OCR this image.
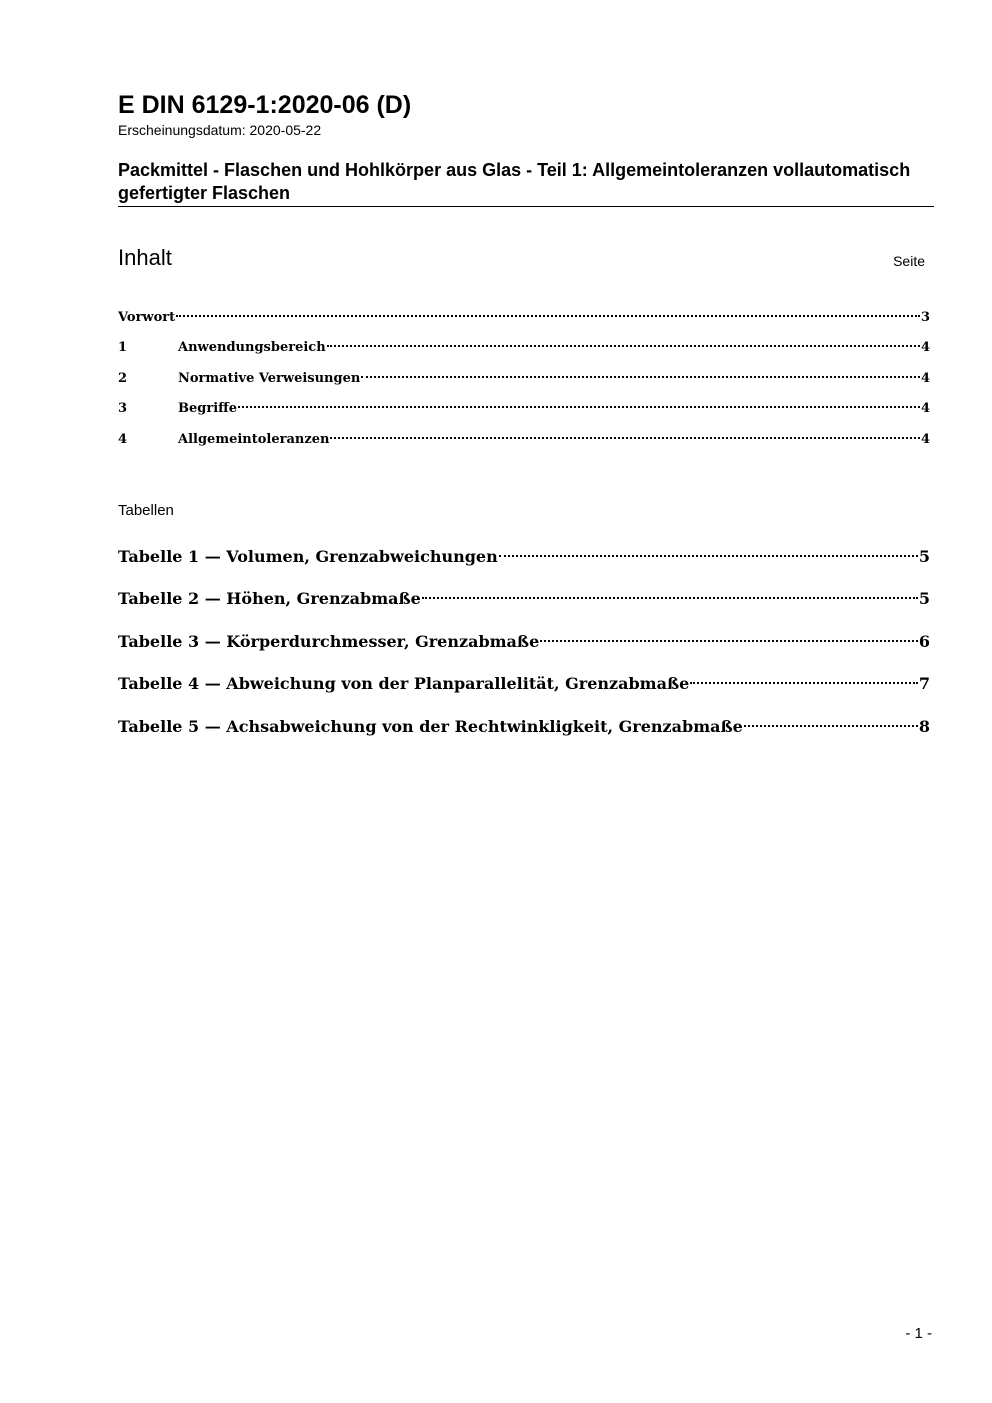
E DIN 6129-1:2020-06 (D)
Erscheinungsdatum: 2020-05-22
Packmittel - Flaschen und Hohlkörper aus Glas - Teil 1: Allgemeintoleranzen vollautomatisch gefertigter Flaschen
Inhalt	Seite
Vorwort	3
1	Anwendungsbereich	4
2	Normative Verweisungen	4
3	Begriffe	4
4	Allgemeintoleranzen	4
Tabellen
Tabelle 1 — Volumen, Grenzabweichungen	5
Tabelle 2 — Höhen, Grenzabmaße	5
Tabelle 3 — Körperdurchmesser, Grenzabmaße	6
Tabelle 4 — Abweichung von der Planparallelität, Grenzabmaße	7
Tabelle 5 — Achsabweichung von der Rechtwinkligkeit, Grenzabmaße	8
- 1 -
